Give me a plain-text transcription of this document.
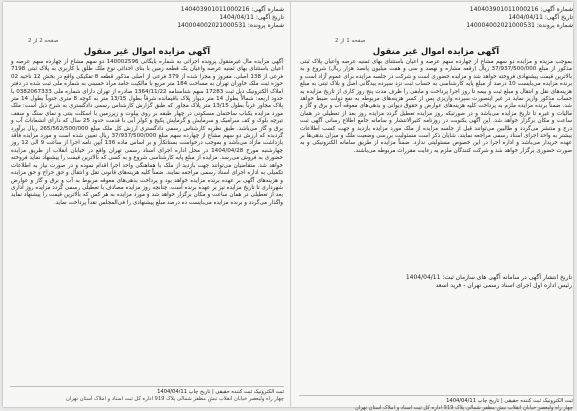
شماره آگهی: 140403901011000216
تاریخ آگهی: 1404/04/11
شماره پرونده: 140004002021000531
صفحه 1 از 2
آگهی مزایده اموال غیر منقول
بموجب مزیده و مزایده دو سهم مشاع از چهارده سهم عرصه و اعیان باستثنای بهای ثمنیه عرصه واعیان پلاک ثبتی مذکور از مبلغ 37/937/500/000 ریال (رقعه مشاره و نهصد و سی و هفت میلیون پانصد هزار ریال) شروع و به بالاترین قیمت پیشنهادی فروخته خواهد شد و مزایده حضوری است و شرکت در جلسه مزایده برای عموم آزاد است و برنده مزایده می‌بایست 10 درصد از مبلغ پایه کارشناسی به حساب ثبت نزد سپرده بیدگانی اصل و بلاک ثبتی به مبلغ هزینه‌های نقل و انتقال و مبلغ ثبت و بیمه تا روز اجرا پرداخت و مابقی را ظرف مدت پنج روز کاری از تاریخ مزایده به حساب مذکور واریز نماید در غیر اینصورت سپرده واریزی پس از کسر هزینه‌های مربوطه به نفع دولت ضبط خواهد شد. ضمناً برنده مزایده ملزم به پرداخت کلیه هزینه‌های عوارض و حقوق دیوانی و بدهی‌های معوقه آب و برق و گاز و مالیات و غیره تا تاریخ مزایده می‌باشد و در صورتیکه روز مزایده تعطیل گردد مزایده روز بعد از تعطیلی در همان ساعت و مکان برگزار خواهد شد. این آگهی یکنوبت در روزنامه کثیرالانتشار و سامانه جامع اطلاع رسانی آگهی ثبت درج و منتشر می‌گردد و طالبین می‌توانند قبل از جلسه مزایده از ملک مورد مزایده بازدید و جهت کسب اطلاعات بیشتر به واحد اجرای اسناد رسمی مراجعه نمایند. شایان ذکر است مسئولیت بررسی وضعیت ملک و میزان بدهی‌ها بر عهده خریدار می‌باشد و اداره اجرا در این خصوص مسئولیتی ندارد. ضمناً مزایده از طریق سامانه الکترونیکی و به صورت حضوری برگزار خواهد شد و شرکت کنندگان ملزم به رعایت مقررات مربوطه می‌باشند.
تاریخ انتشار آگهی در سامانه آگهی های سازمان ثبت: 1404/04/11
رئیس اداره اول اجرای اسناد رسمی تهران - فرید اسعد
ثبت الکترونیک ثبت کننده حقیقی | تاریخ چاپ 1404/04/11
چهار راه ولیعصر خیابان انقلاب نبش مظفر شمالی پلاک 919 اداره کل ثبت اسناد و املاک استان تهران
شماره آگهی: 140403901011000216
تاریخ آگهی: 1404/04/11
شماره پرونده: 140004002021000531
صفحه 2 از 2
آگهی مزایده اموال غیر منقول
آگهی مزایده مال غیرمنقول پرونده اجرائی به شماره بایگانی 140002596 دو سهم مشاع از چهارده سهم عرصه و اعیان باستثنای بهای ثمنیه عرصه واعیان یک قطعه زمین با بنای احداثی نوع ملک طلق با کاربری به پلاک ثبتی 7198 فرعی از 138 اصلی، مفروز و مجزا شده از 379 فرعی از اصلی مذکور قطعه 8 تفکیکی واقع در بخش 12 ناحیه 02 حوزه ثبت ملک خاوران تهران به مساحت 184 متر مربع با مالکیت حامد مراد حسینی به شماره ملی ثبت شده در دفتر املاک الکترونیک ذیل ثبت 17283 سهم شناسنامه 1364/11/22 صادره از تهران دارای شماره ملی 0382067333 با حدود اربعه: شمالاً بطول 14 متر دیوار پلاک باقیمانده شرقاً بطول 13/15 متر به کوچه 8 متری جنوباً بطول 14 متر پلاک مجاور غرباً بطول 13/15 متر پلاک مجاور که طبق گزارش کارشناس رسمی دادگستری به شرح ذیل است: ملک مورد مزایده یکباب ساختمان مسکونی در چهار طبقه بر روی پیلوت و زیرزمین با اسکلت بتنی و نمای سنگ و سقف تیرچه بلوک و کف سرامیک و سرمایش و گرمایش پکیج و کولر آبی با قدمت حدود 25 سال که دارای انشعابات آب و برق و گاز می‌باشد. طبق نظریه کارشناس رسمی دادگستری ارزش کل ملک مبلغ 265/562/500/000 ریال برآورد گردیده که ارزش دو سهم مشاع از چهارده سهم مبلغ 37/937/500/000 ریال تعیین شده است و مورد مزایده فاقد بازداشت مازاد می‌باشد و بموجب درخواست بستانکار و بر اساس ماده 136 آیین نامه اجرا از ساعت 9 الی 12 روز چهارشنبه مورخ 1404/04/28 در محل اداره اجرای اسناد رسمی تهران واقع در خیابان انقلاب از طریق مزایده حضوری به فروش می‌رسد. مزایده از مبلغ پایه کارشناسی شروع و به کسی که بالاترین قیمت را پیشنهاد نماید فروخته خواهد شد. متقاضیان می‌توانند جهت بازدید از ملک با هماهنگی واحد اجرا اقدام نموده و در صورت نیاز به اطلاعات تکمیلی به اداره اجرای اسناد رسمی مراجعه نمایند. ضمناً کلیه هزینه‌های قانونی نقل و انتقال و حق حراج و حق مزایده و هزینه‌های آگهی بر عهده برنده مزایده خواهد بود و پرداخت بدهی‌های معوقه مربوط به آب و برق و گاز و عوارض شهرداری تا تاریخ مزایده نیز بر عهده برنده است. چنانچه روز مزایده مصادف با تعطیلی رسمی گردد مزایده روز اداری بعد از تعطیلی در همان ساعت و مکان برگزار خواهد شد و مورد مزایده به هر کس که بالاترین قیمت را پیشنهاد نماید واگذار می‌گردد و برنده مزایده می‌بایست ده درصد مبلغ پیشنهادی را فی‌المجلس نقداً پرداخت نماید.
ثبت الکترونیک ثبت کننده حقیقی | تاریخ چاپ 1404/04/11
چهار راه ولیعصر خیابان انقلاب نبش مظفر شمالی پلاک 919 اداره کل ثبت اسناد و املاک استان تهران
